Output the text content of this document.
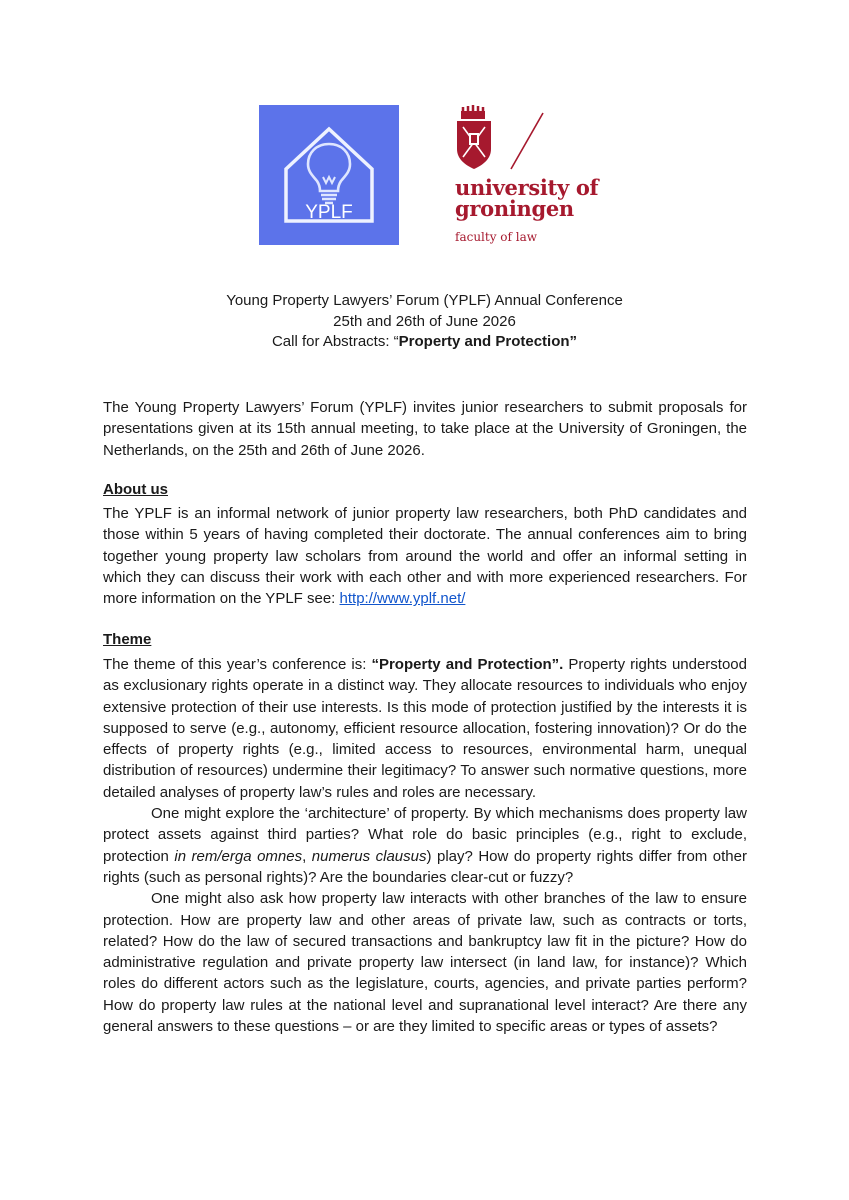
YPLF
university of
groningen
faculty of law
Young Property Lawyers’ Forum (YPLF) Annual Conference
25th and 26th of June 2026
Call for Abstracts: “Property and Protection”
The Young Property Lawyers’ Forum (YPLF) invites junior researchers to submit proposals for presentations given at its 15th annual meeting, to take place at the University of Groningen, the Netherlands, on the 25th and 26th of June 2026.
About us
The YPLF is an informal network of junior property law researchers, both PhD candidates and those within 5 years of having completed their doctorate. The annual conferences aim to bring together young property law scholars from around the world and offer an informal setting in which they can discuss their work with each other and with more experienced researchers. For more information on the YPLF see: http://www.yplf.net/
Theme
The theme of this year’s conference is: “Property and Protection”. Property rights understood as exclusionary rights operate in a distinct way. They allocate resources to individuals who enjoy extensive protection of their use interests. Is this mode of protection justified by the interests it is supposed to serve (e.g., autonomy, efficient resource allocation, fostering innovation)? Or do the effects of property rights (e.g., limited access to resources, environmental harm, unequal distribution of resources) undermine their legitimacy? To answer such normative questions, more detailed analyses of property law’s rules and roles are necessary.
One might explore the ‘architecture’ of property. By which mechanisms does property law protect assets against third parties? What role do basic principles (e.g., right to exclude, protection in rem/erga omnes, numerus clausus) play? How do property rights differ from other rights (such as personal rights)? Are the boundaries clear-cut or fuzzy?
One might also ask how property law interacts with other branches of the law to ensure protection. How are property law and other areas of private law, such as contracts or torts, related? How do the law of secured transactions and bankruptcy law fit in the picture? How do administrative regulation and private property law intersect (in land law, for instance)? Which roles do different actors such as the legislature, courts, agencies, and private parties perform? How do property law rules at the national level and supranational level interact? Are there any general answers to these questions – or are they limited to specific areas or types of assets?
